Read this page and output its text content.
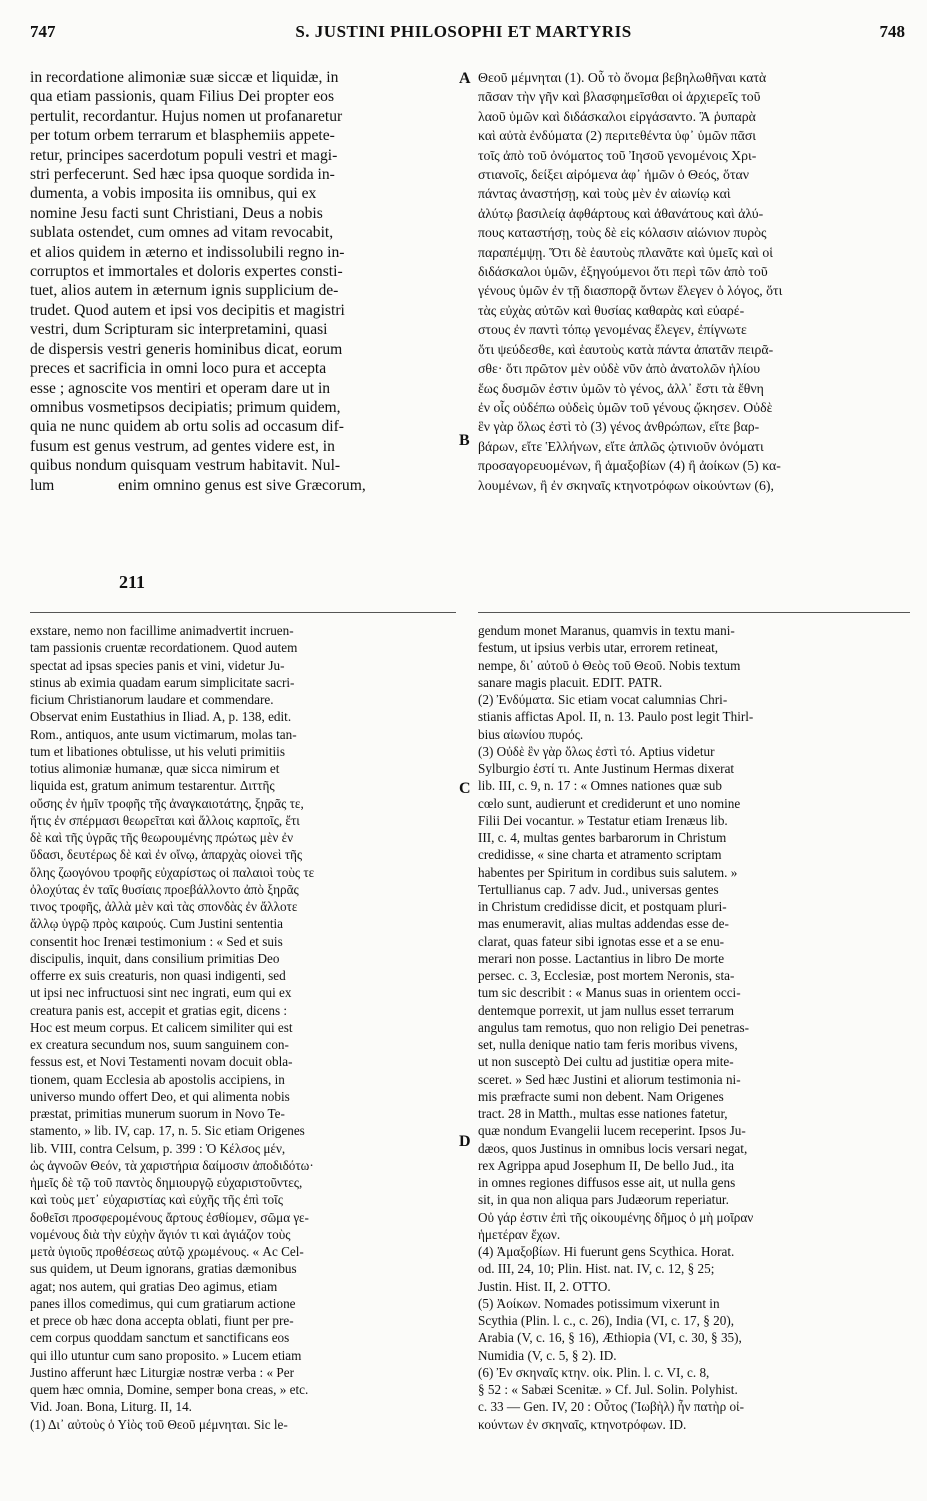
747	S. JUSTINI PHILOSOPHI ET MARTYRIS	748
in recordatione alimoniæ suæ siccæ et liquidæ, in
qua etiam passionis, quam Filius Dei propter eos
pertulit, recordantur. Hujus nomen ut profanaretur
per totum orbem terrarum et blasphemiis appete-
retur, principes sacerdotum populi vestri et magi-
stri perfecerunt. Sed hæc ipsa quoque sordida in-
dumenta, a vobis imposita iis omnibus, qui ex
nomine Jesu facti sunt Christiani, Deus a nobis
sublata ostendet, cum omnes ad vitam revocabit,
et alios quidem in æterno et indissolubili regno in-
corruptos et immortales et doloris expertes consti-
tuet, alios autem in æternum ignis supplicium de-
trudet. Quod autem et ipsi vos decipitis et magistri
vestri, dum Scripturam sic interpretamini, quasi
de dispersis vestri generis hominibus dicat, eorum
preces et sacrificia in omni loco pura et accepta
esse ; agnoscite vos mentiri et operam dare ut in
omnibus vosmetipsos decipiatis; primum quidem,
quia ne nunc quidem ab ortu solis ad occasum dif-
fusum est genus vestrum, ad gentes videre est, in
quibus nondum quisquam vestrum habitavit. Nul-
lum	enim omnino genus est sive Græcorum,
Θεοῦ μέμνηται (1). Οὗ τὸ ὄνομα βεβηλωθῆναι κατὰ
πᾶσαν τὴν γῆν καὶ βλασφημεῖσθαι οἱ ἀρχιερεῖς τοῦ
λαοῦ ὑμῶν καὶ διδάσκαλοι εἰργάσαντο. Ἃ ῥυπαρὰ
καὶ αὐτὰ ἐνδύματα (2) περιτεθέντα ὑφ᾿ ὑμῶν πᾶσι
τοῖς ἀπὸ τοῦ ὀνόματος τοῦ Ἰησοῦ γενομένοις Χρι-
στιανοῖς, δείξει αἰρόμενα ἀφ᾿ ἡμῶν ὁ Θεός, ὅταν
πάντας ἀναστήσῃ, καὶ τοὺς μὲν ἐν αἰωνίῳ καὶ
ἀλύτῳ βασιλείᾳ ἀφθάρτους καὶ ἀθανάτους καὶ ἀλύ-
πους καταστήσῃ, τοὺς δὲ εἰς κόλασιν αἰώνιον πυρὸς
παραπέμψῃ. Ὅτι δὲ ἑαυτοὺς πλανᾶτε καὶ ὑμεῖς καὶ οἱ
διδάσκαλοι ὑμῶν, ἐξηγούμενοι ὅτι περὶ τῶν ἀπὸ τοῦ
γένους ὑμῶν ἐν τῇ διασπορᾷ ὄντων ἔλεγεν ὁ λόγος, ὅτι
τὰς εὐχὰς αὐτῶν καὶ θυσίας καθαρὰς καὶ εὐαρέ-
στους ἐν παντὶ τόπῳ γενομένας ἔλεγεν, ἐπίγνωτε
ὅτι ψεύδεσθε, καὶ ἑαυτοὺς κατὰ πάντα ἀπατᾶν πειρᾶ-
σθε· ὅτι πρῶτον μὲν οὐδὲ νῦν ἀπὸ ἀνατολῶν ἡλίου
ἕως δυσμῶν ἐστιν ὑμῶν τὸ γένος, ἀλλ᾿ ἔστι τὰ ἔθνη
ἐν οἷς οὐδέπω οὐδεὶς ὑμῶν τοῦ γένους ᾤκησεν. Οὐδὲ
ἓν γὰρ ὅλως ἐστὶ τὸ (3) γένος ἀνθρώπων, εἴτε βαρ-
βάρων, εἴτε Ἑλλήνων, εἴτε ἁπλῶς ᾡτινιοῦν ὀνόματι
προσαγορευομένων, ἢ ἁμαξοβίων (4) ἢ ἀοίκων (5) κα-
λουμένων, ἢ ἐν σκηναῖς κτηνοτρόφων οἰκούντων (6),
A
B
C
D
211
exstare, nemo non facillime animadvertit incruen-
tam passionis cruentæ recordationem. Quod autem
spectat ad ipsas species panis et vini, videtur Ju-
stinus ab eximia quadam earum simplicitate sacri-
ficium Christianorum laudare et commendare.
Observat enim Eustathius in Iliad. A, p. 138, edit.
Rom., antiquos, ante usum victimarum, molas tan-
tum et libationes obtulisse, ut his veluti primitiis
totius alimoniæ humanæ, quæ sicca nimirum et
liquida est, gratum animum testarentur. Διττῆς
οὔσης ἐν ἡμῖν τροφῆς τῆς ἀναγκαιοτάτης, ξηρᾶς τε,
ἥτις ἐν σπέρμασι θεωρεῖται καὶ ἄλλοις καρποῖς, ἔτι
δὲ καὶ τῆς ὑγρᾶς τῆς θεωρουμένης πρώτως μὲν ἐν
ὕδασι, δευτέρως δὲ καὶ ἐν οἴνῳ, ἀπαρχὰς οἱονεὶ τῆς
ὅλης ζωογόνου τροφῆς εὐχαρίστως οἱ παλαιοὶ τοὺς τε
ὀλοχύτας ἐν ταῖς θυσίαις προεβάλλοντο ἀπὸ ξηρᾶς
τινος τροφῆς, ἀλλὰ μὲν καὶ τὰς σπονδὰς ἐν ἄλλοτε
ἄλλῳ ὑγρῷ πρὸς καιρούς. Cum Justini sententia
consentit hoc Irenæi testimonium : « Sed et suis
discipulis, inquit, dans consilium primitias Deo
offerre ex suis creaturis, non quasi indigenti, sed
ut ipsi nec infructuosi sint nec ingrati, eum qui ex
creatura panis est, accepit et gratias egit, dicens :
Hoc est meum corpus. Et calicem similiter qui est
ex creatura secundum nos, suum sanguinem con-
fessus est, et Novi Testamenti novam docuit obla-
tionem, quam Ecclesia ab apostolis accipiens, in
universo mundo offert Deo, et qui alimenta nobis
præstat, primitias munerum suorum in Novo Te-
stamento, » lib. IV, cap. 17, n. 5. Sic etiam Origenes
lib. VIII, contra Celsum, p. 399 : Ὁ Κέλσος μέν,
ὡς ἀγνοῶν Θεόν, τὰ χαριστήρια δαίμοσιν ἀποδιδότω·
ἡμεῖς δὲ τῷ τοῦ παντὸς δημιουργῷ εὐχαριστοῦντες,
καὶ τοὺς μετ᾿ εὐχαριστίας καὶ εὐχῆς τῆς ἐπὶ τοῖς
δοθεῖσι προσφερομένους ἄρτους ἐσθίομεν, σῶμα γε-
νομένους διὰ τὴν εὐχὴν ἅγιόν τι καὶ ἁγιάζον τοὺς
μετὰ ὑγιοῦς προθέσεως αὐτῷ χρωμένους. « Ac Cel-
sus quidem, ut Deum ignorans, gratias dæmonibus
agat; nos autem, qui gratias Deo agimus, etiam
panes illos comedimus, qui cum gratiarum actione
et prece ob hæc dona accepta oblati, fiunt per pre-
cem corpus quoddam sanctum et sanctificans eos
qui illo utuntur cum sano proposito. » Lucem etiam
Justino afferunt hæc Liturgiæ nostræ verba : « Per
quem hæc omnia, Domine, semper bona creas, » etc.
Vid. Joan. Bona, Liturg. II, 14.
(1) Δι᾿ αὐτοὺς ὁ Υἱὸς τοῦ Θεοῦ μέμνηται. Sic le-
gendum monet Maranus, quamvis in textu mani-
festum, ut ipsius verbis utar, errorem retineat,
nempe, δι᾿ αὐτοῦ ὁ Θεὸς τοῦ Θεοῦ. Nobis textum
sanare magis placuit. EDIT. PATR.
(2) Ἐνδύματα. Sic etiam vocat calumnias Chri-
stianis affictas Apol. II, n. 13. Paulo post legit Thirl-
bius αἰωνίου πυρός.
(3) Οὐδὲ ἓν γὰρ ὅλως ἐστὶ τό. Aptius videtur
Sylburgio ἐστί τι. Ante Justinum Hermas dixerat
lib. III, c. 9, n. 17 : « Omnes nationes quæ sub
cœlo sunt, audierunt et crediderunt et uno nomine
Filii Dei vocantur. » Testatur etiam Irenæus lib.
III, c. 4, multas gentes barbarorum in Christum
credidisse, « sine charta et atramento scriptam
habentes per Spiritum in cordibus suis salutem. »
Tertullianus cap. 7 adv. Jud., universas gentes
in Christum credidisse dicit, et postquam pluri-
mas enumeravit, alias multas addendas esse de-
clarat, quas fateur sibi ignotas esse et a se enu-
merari non posse. Lactantius in libro De morte
persec. c. 3, Ecclesiæ, post mortem Neronis, sta-
tum sic describit : « Manus suas in orientem occi-
dentemque porrexit, ut jam nullus esset terrarum
angulus tam remotus, quo non religio Dei penetras-
set, nulla denique natio tam feris moribus vivens,
ut non susceptò Dei cultu ad justitiæ opera mite-
sceret. » Sed hæc Justini et aliorum testimonia ni-
mis præfracte sumi non debent. Nam Origenes
tract. 28 in Matth., multas esse nationes fatetur,
quæ nondum Evangelii lucem receperint. Ipsos Ju-
dæos, quos Justinus in omnibus locis versari negat,
rex Agrippa apud Josephum II, De bello Jud., ita
in omnes regiones diffusos esse ait, ut nulla gens
sit, in qua non aliqua pars Judæorum reperiatur.
Οὐ γάρ ἐστιν ἐπὶ τῆς οἰκουμένης δῆμος ὁ μὴ μοῖραν
ἡμετέραν ἔχων.
(4) Ἁμαξοβίων. Hi fuerunt gens Scythica. Horat.
od. III, 24, 10; Plin. Hist. nat. IV, c. 12, § 25;
Justin. Hist. II, 2. OTTO.
(5) Ἀοίκων. Nomades potissimum vixerunt in
Scythia (Plin. l. c., c. 26), India (VI, c. 17, § 20),
Arabia (V, c. 16, § 16), Æthiopia (VI, c. 30, § 35),
Numidia (V, c. 5, § 2). ID.
(6) Ἐν σκηναῖς κτην. οἰκ. Plin. l. c. VI, c. 8,
§ 52 : « Sabæi Scenitæ. » Cf. Jul. Solin. Polyhist.
c. 33 — Gen. IV, 20 : Οὗτος (Ἰωβὴλ) ἦν πατὴρ οἰ-
κούντων ἐν σκηναῖς, κτηνοτρόφων. ID.
